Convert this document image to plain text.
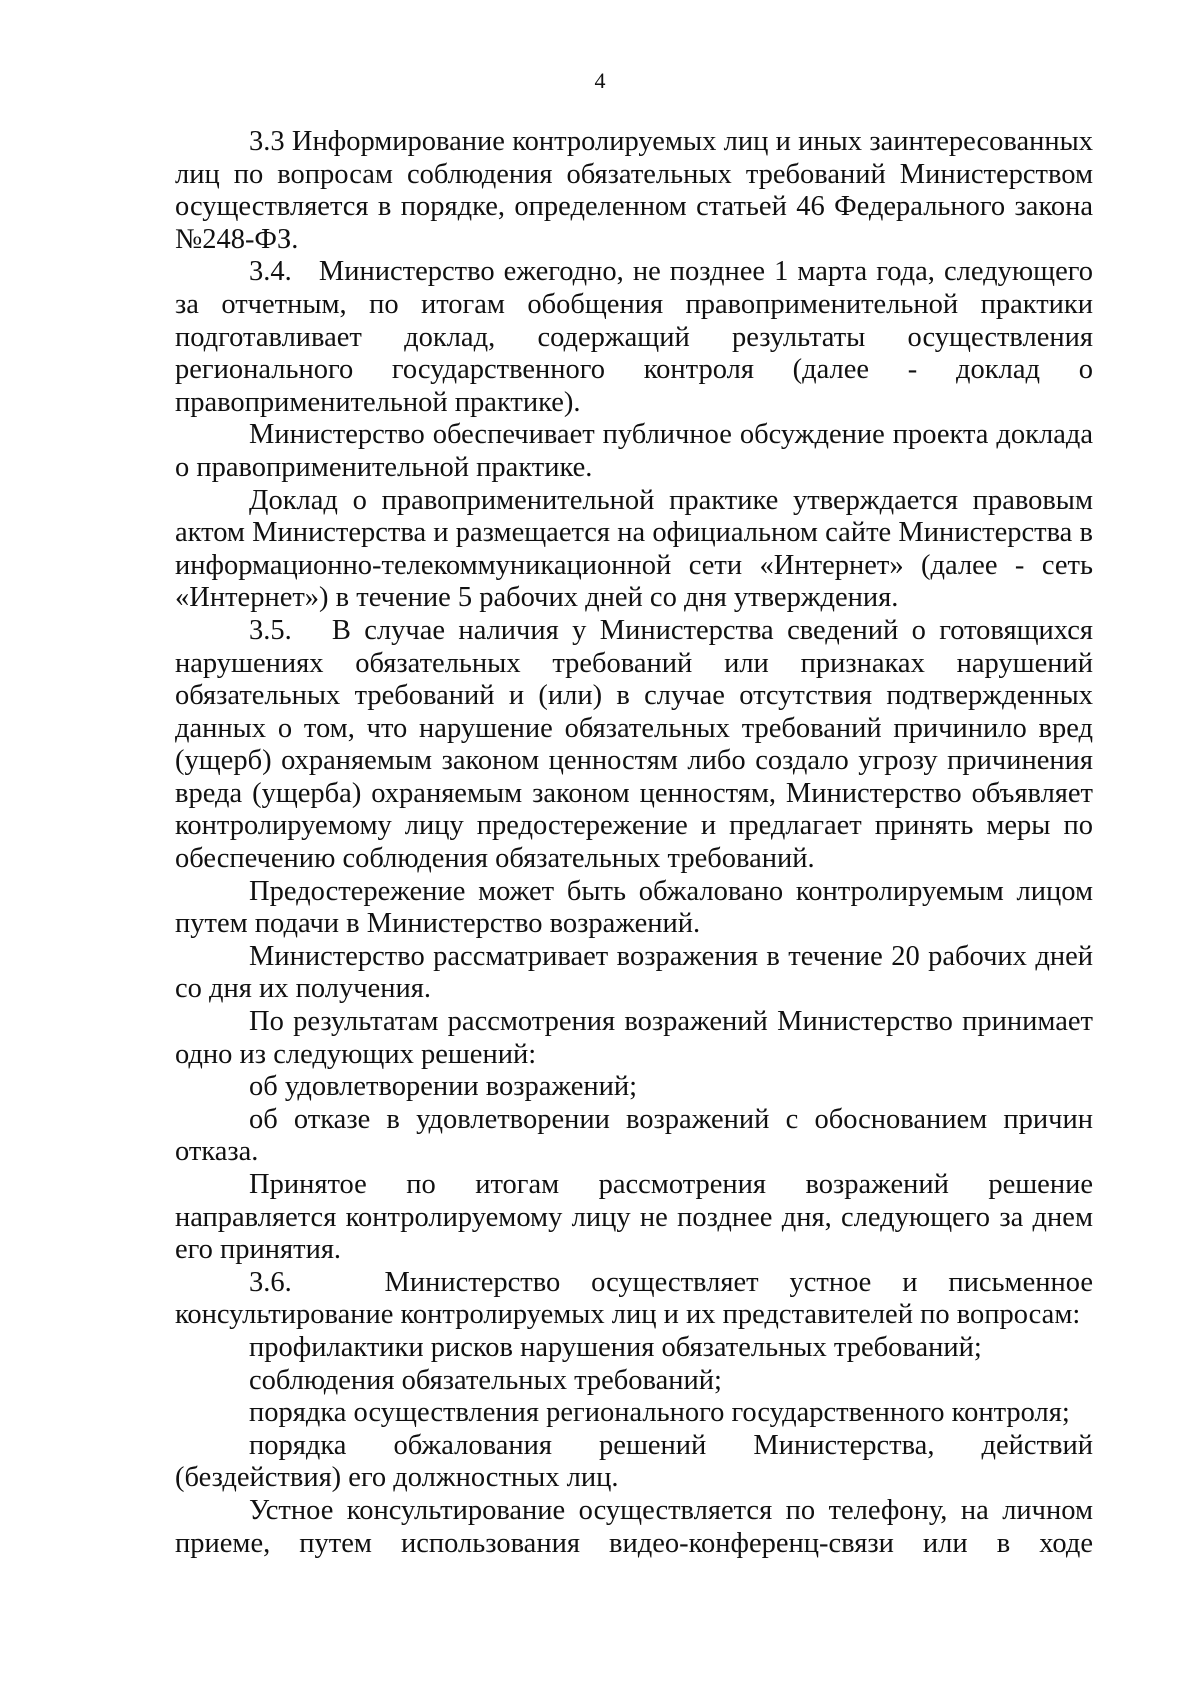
4

3.3 Информирование контролируемых лиц и иных заинтересованных лиц по вопросам соблюдения обязательных требований Министерством осуществляется в порядке, определенном статьей 46 Федерального закона №248-ФЗ.

3.4.   Министерство ежегодно, не позднее 1 марта года, следующего за отчетным, по итогам обобщения правоприменительной практики подготавливает доклад, содержащий результаты осуществления регионального государственного контроля (далее - доклад о правоприменительной практике).

Министерство обеспечивает публичное обсуждение проекта доклада о правоприменительной практике.

Доклад о правоприменительной практике утверждается правовым актом Министерства и размещается на официальном сайте Министерства в информационно-телекоммуникационной сети «Интернет» (далее - сеть «Интернет») в течение 5 рабочих дней со дня утверждения.

3.5.   В случае наличия у Министерства сведений о готовящихся нарушениях обязательных требований или признаках нарушений обязательных требований и (или) в случае отсутствия подтвержденных данных о том, что нарушение обязательных требований причинило вред (ущерб) охраняемым законом ценностям либо создало угрозу причинения вреда (ущерба) охраняемым законом ценностям, Министерство объявляет контролируемому лицу предостережение и предлагает принять меры по обеспечению соблюдения обязательных требований.

Предостережение может быть обжаловано контролируемым лицом путем подачи в Министерство возражений.

Министерство рассматривает возражения в течение 20 рабочих дней со дня их получения.

По результатам рассмотрения возражений Министерство принимает одно из следующих решений:

об удовлетворении возражений;

об отказе в удовлетворении возражений с обоснованием причин отказа.

Принятое по итогам рассмотрения возражений решение направляется контролируемому лицу не позднее дня, следующего за днем его принятия.

3.6.   Министерство осуществляет устное и письменное консультирование контролируемых лиц и их представителей по вопросам:

профилактики рисков нарушения обязательных требований;

соблюдения обязательных требований;

порядка осуществления регионального государственного контроля;

порядка обжалования решений Министерства, действий (бездействия) его должностных лиц.

Устное консультирование осуществляется по телефону, на личном приеме, путем использования видео-конференц-связи или в ходе
